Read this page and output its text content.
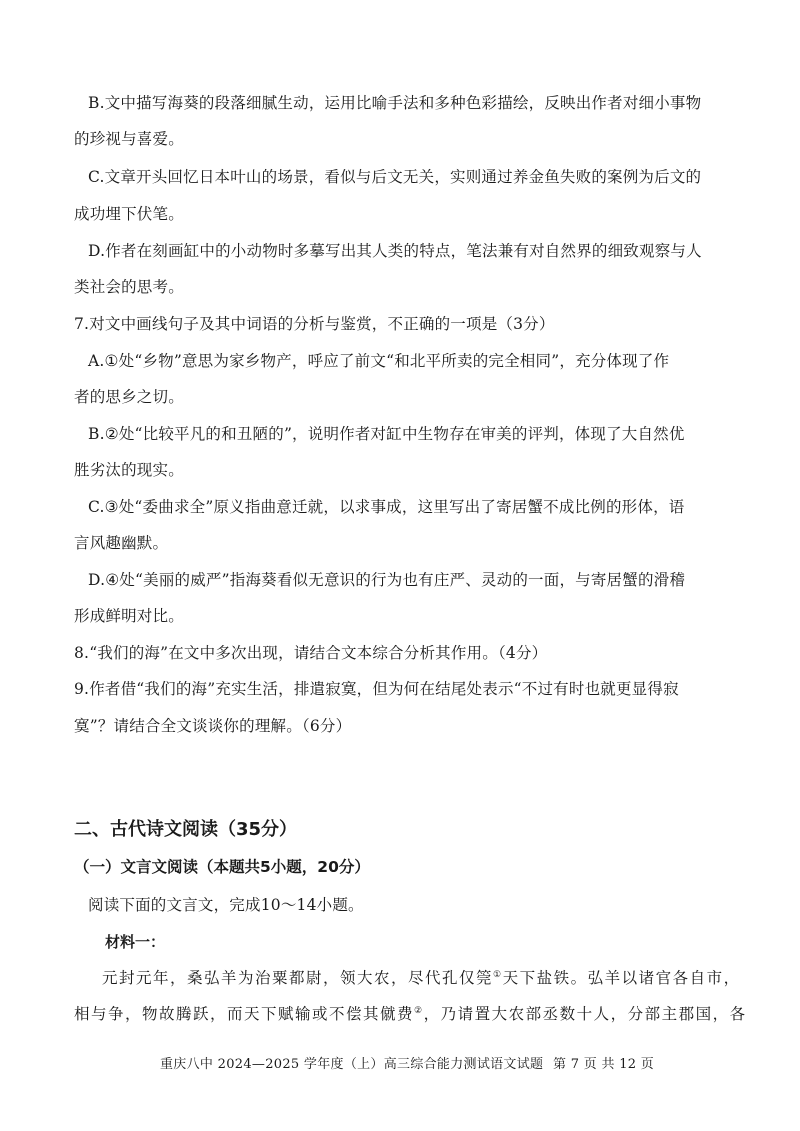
B.文中描写海葵的段落细腻生动，运用比喻手法和多种色彩描绘，反映出作者对细小事物
的珍视与喜爱。
C.文章开头回忆日本叶山的场景，看似与后文无关，实则通过养金鱼失败的案例为后文的
成功埋下伏笔。
D.作者在刻画缸中的小动物时多摹写出其人类的特点，笔法兼有对自然界的细致观察与人
类社会的思考。
7.对文中画线句子及其中词语的分析与鉴赏，不正确的一项是（3分）
A.①处“乡物”意思为家乡物产，呼应了前文“和北平所卖的完全相同”，充分体现了作
者的思乡之切。
B.②处“比较平凡的和丑陋的”，说明作者对缸中生物存在审美的评判，体现了大自然优
胜劣汰的现实。
C.③处“委曲求全”原义指曲意迁就，以求事成，这里写出了寄居蟹不成比例的形体，语
言风趣幽默。
D.④处“美丽的威严”指海葵看似无意识的行为也有庄严、灵动的一面，与寄居蟹的滑稽
形成鲜明对比。
8.“我们的海”在文中多次出现，请结合文本综合分析其作用。（4分）
9.作者借“我们的海”充实生活，排遣寂寞，但为何在结尾处表示“不过有时也就更显得寂
寞”？请结合全文谈谈你的理解。（6分）
二、古代诗文阅读（35分）
（一）文言文阅读（本题共5小题，20分）
阅读下面的文言文，完成10～14小题。
材料一：
元封元年，桑弘羊为治粟都尉，领大农，尽代孔仅筦①天下盐铁。弘羊以诸官各自市，
相与争，物故腾跃，而天下赋输或不偿其僦费②，乃请置大农部丞数十人，分部主郡国，各
重庆八中 2024—2025 学年度（上）高三综合能力测试语文试题 第 7 页 共 12 页
